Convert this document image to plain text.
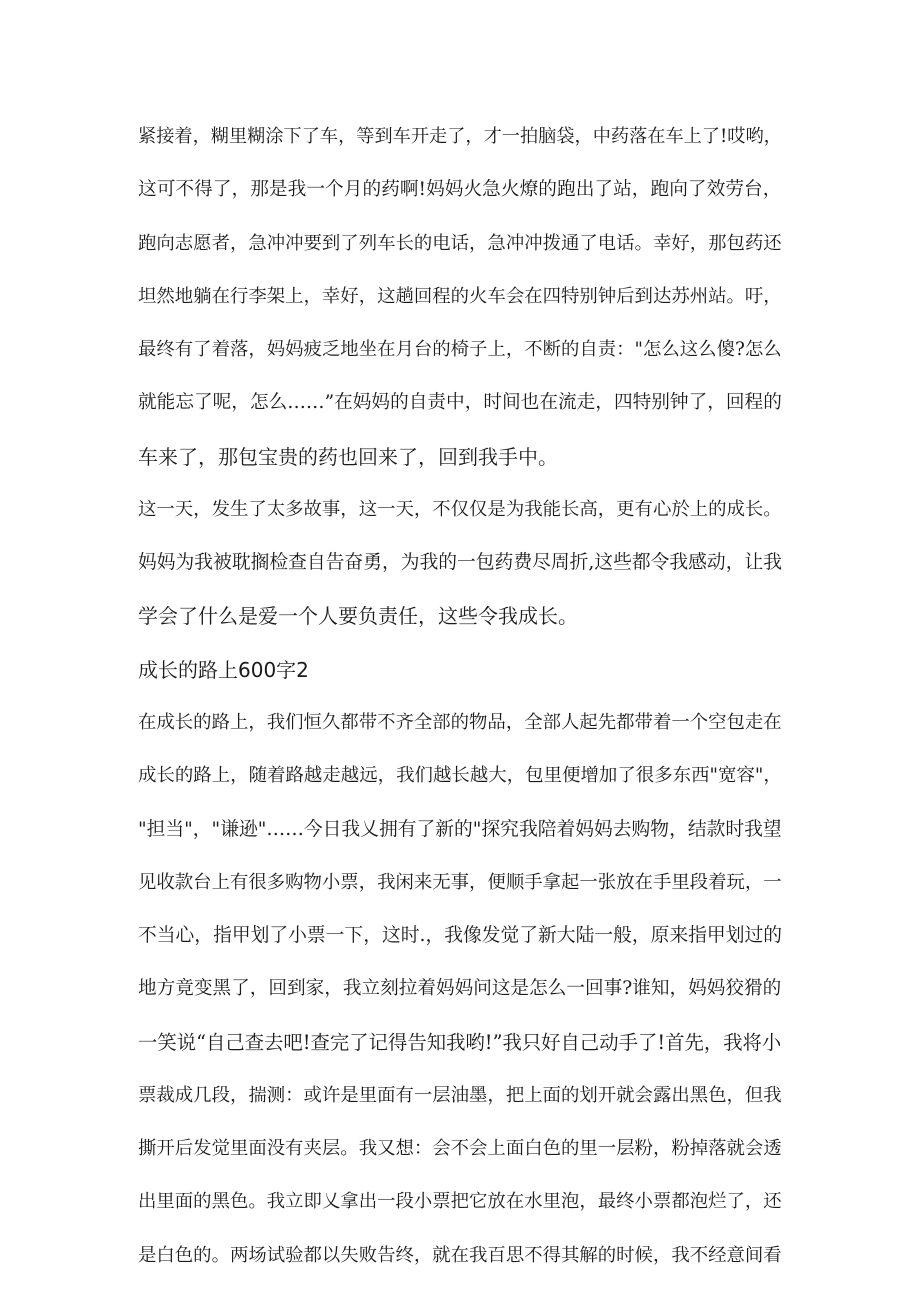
紧接着，糊里糊涂下了车，等到车开走了，才一拍脑袋，中药落在车上了!哎哟，
这可不得了，那是我一个月的药啊!妈妈火急火燎的跑出了站，跑向了效劳台，
跑向志愿者，急冲冲要到了列车长的电话，急冲冲拨通了电话。幸好，那包药还
坦然地躺在行李架上，幸好，这趟回程的火车会在四特别钟后到达苏州站。吁，
最终有了着落，妈妈疲乏地坐在月台的椅子上，不断的自责："怎么这么傻?怎么
就能忘了呢，怎么……”在妈妈的自责中，时间也在流走，四特别钟了，回程的
车来了，那包宝贵的药也回来了，回到我手中。
这一天，发生了太多故事，这一天，不仅仅是为我能长高，更有心於上的成长。
妈妈为我被耽搁检查自告奋勇，为我的一包药费尽周折,这些都令我感动，让我
学会了什么是爱一个人要负责任，这些令我成长。
成长的路上600字2
在成长的路上，我们恒久都带不齐全部的物品，全部人起先都带着一个空包走在
成长的路上，随着路越走越远，我们越长越大，包里便增加了很多东西"宽容"，
"担当"，"谦逊"……今日我乂拥有了新的"探究我陪着妈妈去购物，结款时我望
见收款台上有很多购物小票，我闲来无事，便顺手拿起一张放在手里段着玩，一
不当心，指甲划了小票一下，这时.，我像发觉了新大陆一般，原来指甲划过的
地方竟变黑了，回到家，我立刻拉着妈妈问这是怎么一回事?谁知，妈妈狡猾的
一笑说“自己查去吧!查完了记得告知我哟!”我只好自己动手了!首先，我将小
票裁成几段，揣测：或许是里面有一层油墨，把上面的划开就会露出黑色，但我
撕开后发觉里面没有夹层。我又想：会不会上面白色的里一层粉，粉掉落就会透
出里面的黑色。我立即乂拿出一段小票把它放在水里泡，最终小票都泡烂了，还
是白色的。两场试验都以失败告终，就在我百思不得其解的时候，我不经意间看
